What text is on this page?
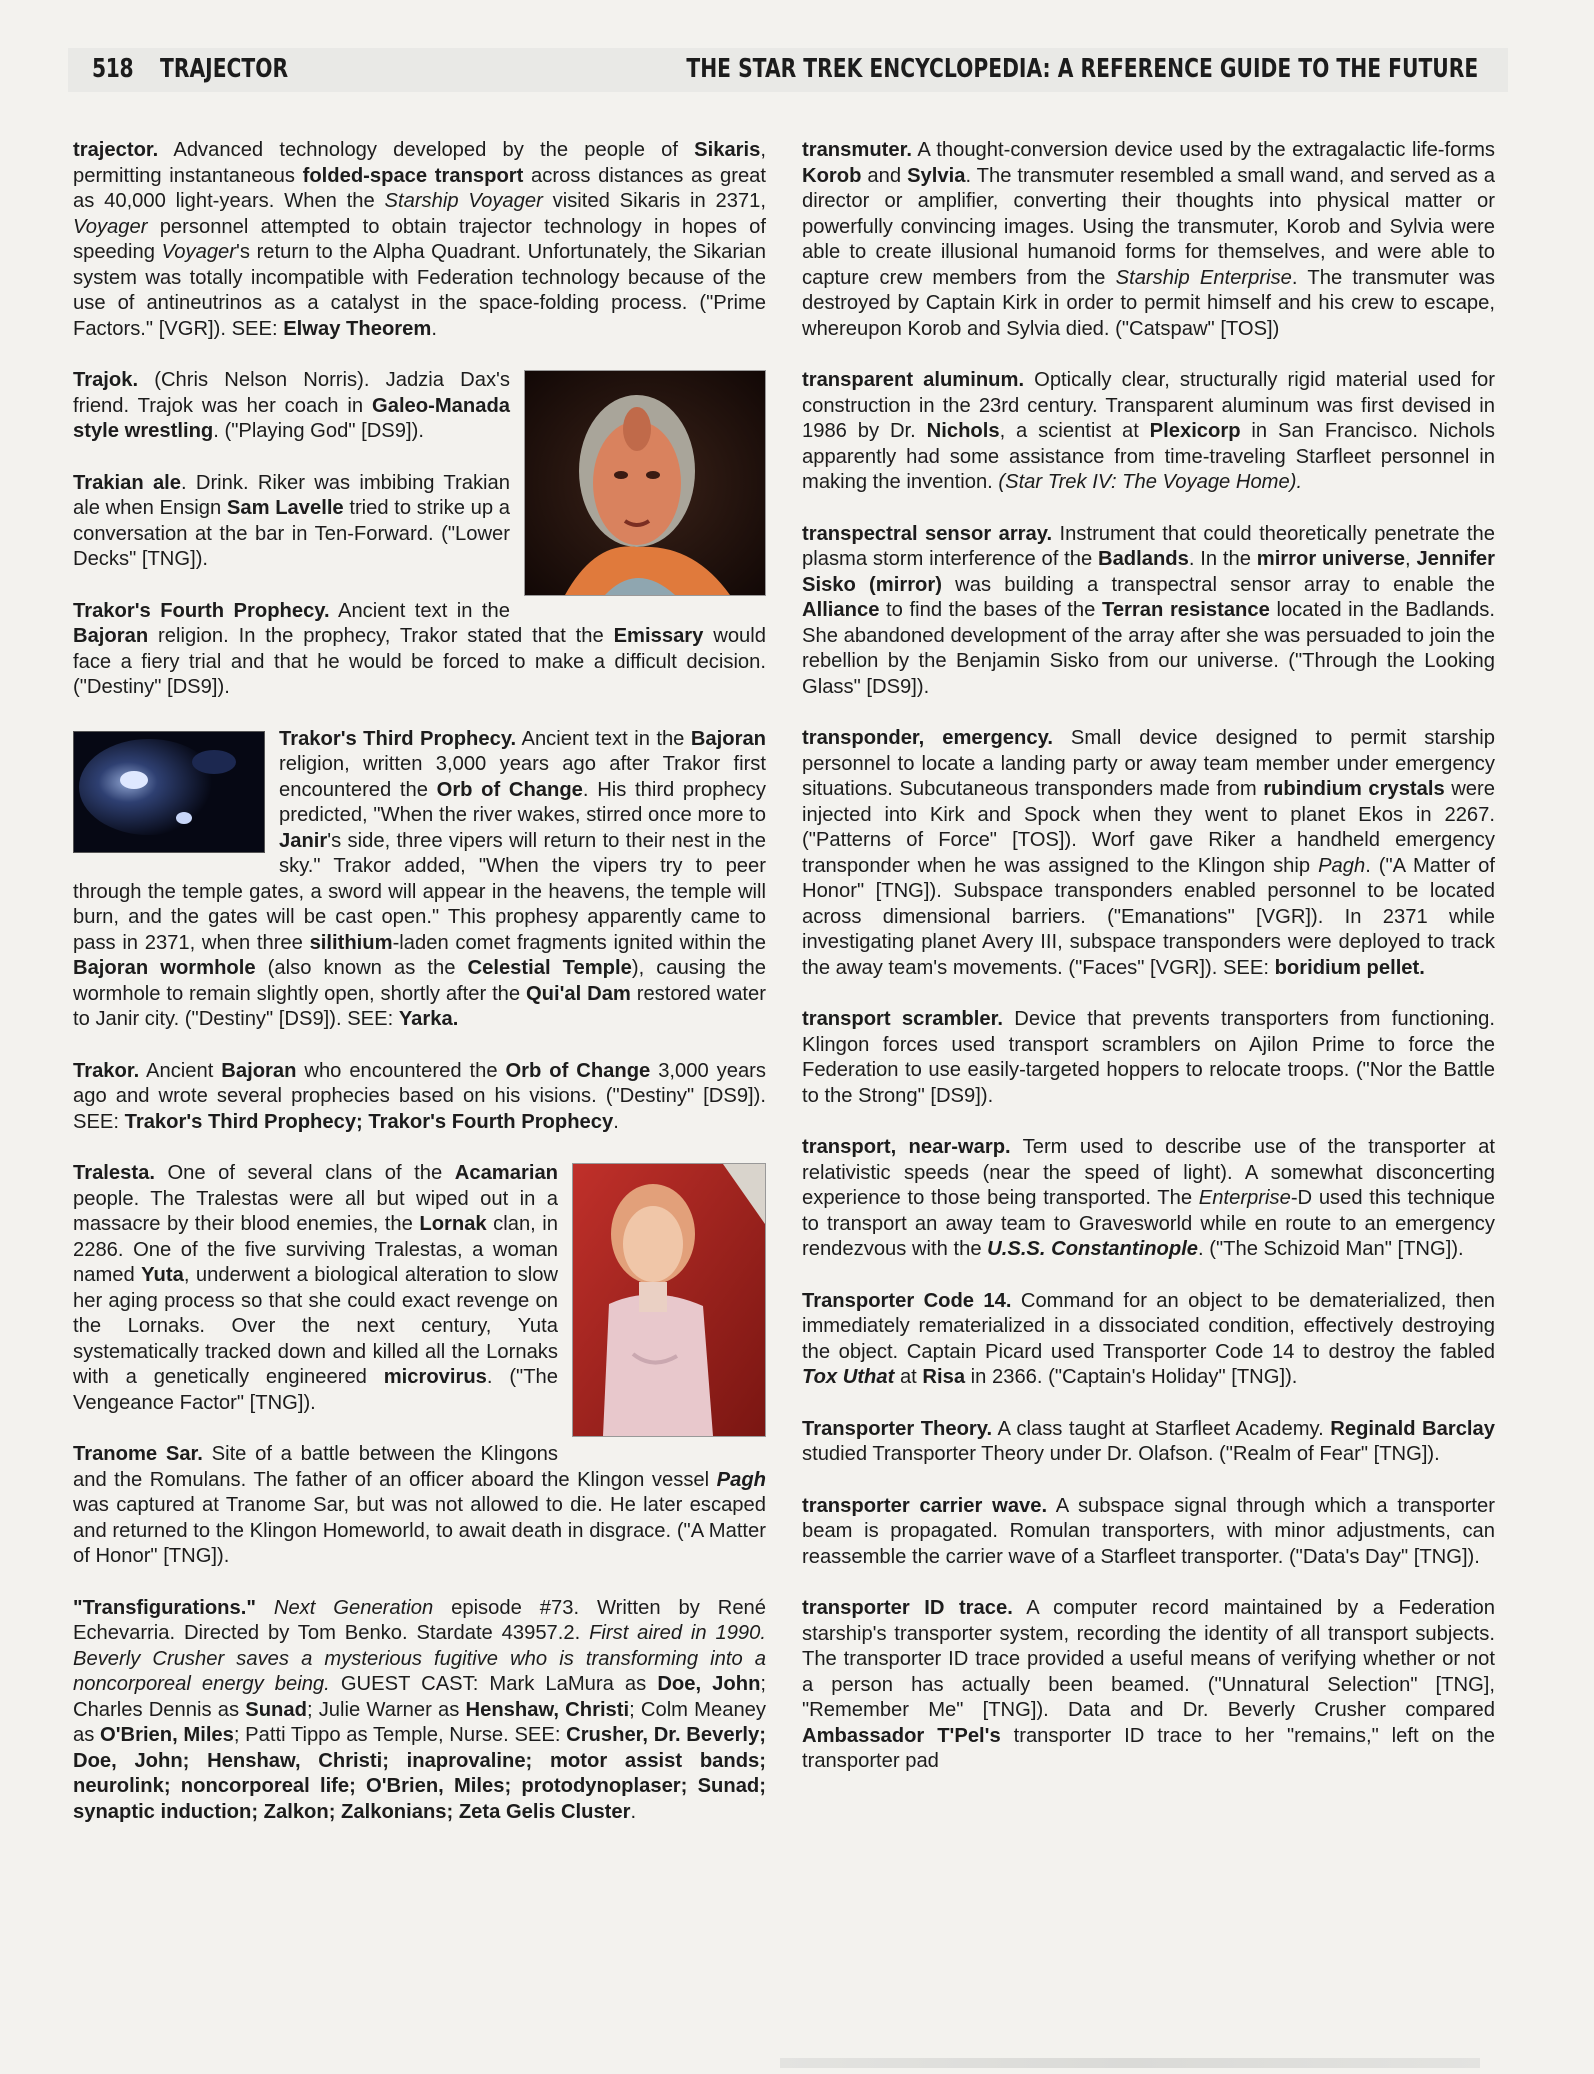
518 TRAJECTOR	THE STAR TREK ENCYCLOPEDIA: A REFERENCE GUIDE TO THE FUTURE

trajector. Advanced technology developed by the people of Sikaris, permitting instantaneous folded-space transport across distances as great as 40,000 light-years. When the Starship Voyager visited Sikaris in 2371, Voyager personnel attempted to obtain trajector technology in hopes of speeding Voyager's return to the Alpha Quadrant. Unfortunately, the Sikarian system was totally incompatible with Federation technology because of the use of antineutrinos as a catalyst in the space-folding process. ("Prime Factors." [VGR]). SEE: Elway Theorem.

Trajok. (Chris Nelson Norris). Jadzia Dax's friend. Trajok was her coach in Galeo-Manada style wrestling. ("Playing God" [DS9]).

Trakian ale. Drink. Riker was imbibing Trakian ale when Ensign Sam Lavelle tried to strike up a conversation at the bar in Ten-Forward. ("Lower Decks" [TNG]).

Trakor's Fourth Prophecy. Ancient text in the Bajoran religion. In the prophecy, Trakor stated that the Emissary would face a fiery trial and that he would be forced to make a difficult decision. ("Destiny" [DS9]).

Trakor's Third Prophecy. Ancient text in the Bajoran religion, written 3,000 years ago after Trakor first encountered the Orb of Change. His third prophecy predicted, "When the river wakes, stirred once more to Janir's side, three vipers will return to their nest in the sky." Trakor added, "When the vipers try to peer through the temple gates, a sword will appear in the heavens, the temple will burn, and the gates will be cast open." This prophesy apparently came to pass in 2371, when three silithium-laden comet fragments ignited within the Bajoran wormhole (also known as the Celestial Temple), causing the wormhole to remain slightly open, shortly after the Qui'al Dam restored water to Janir city. ("Destiny" [DS9]). SEE: Yarka.

Trakor. Ancient Bajoran who encountered the Orb of Change 3,000 years ago and wrote several prophecies based on his visions. ("Destiny" [DS9]). SEE: Trakor's Third Prophecy; Trakor's Fourth Prophecy.

Tralesta. One of several clans of the Acamarian people. The Tralestas were all but wiped out in a massacre by their blood enemies, the Lornak clan, in 2286. One of the five surviving Tralestas, a woman named Yuta, underwent a biological alteration to slow her aging process so that she could exact revenge on the Lornaks. Over the next century, Yuta systematically tracked down and killed all the Lornaks with a genetically engineered microvirus. ("The Vengeance Factor" [TNG]).

Tranome Sar. Site of a battle between the Klingons and the Romulans. The father of an officer aboard the Klingon vessel Pagh was captured at Tranome Sar, but was not allowed to die. He later escaped and returned to the Klingon Homeworld, to await death in disgrace. ("A Matter of Honor" [TNG]).

"Transfigurations." Next Generation episode #73. Written by René Echevarria. Directed by Tom Benko. Stardate 43957.2. First aired in 1990. Beverly Crusher saves a mysterious fugitive who is transforming into a noncorporeal energy being. GUEST CAST: Mark LaMura as Doe, John; Charles Dennis as Sunad; Julie Warner as Henshaw, Christi; Colm Meaney as O'Brien, Miles; Patti Tippo as Temple, Nurse. SEE: Crusher, Dr. Beverly; Doe, John; Henshaw, Christi; inaprovaline; motor assist bands; neurolink; noncorporeal life; O'Brien, Miles; protodynoplaser; Sunad; synaptic induction; Zalkon; Zalkonians; Zeta Gelis Cluster.

transmuter. A thought-conversion device used by the extragalactic life-forms Korob and Sylvia. The transmuter resembled a small wand, and served as a director or amplifier, converting their thoughts into physical matter or powerfully convincing images. Using the transmuter, Korob and Sylvia were able to create illusional humanoid forms for themselves, and were able to capture crew members from the Starship Enterprise. The transmuter was destroyed by Captain Kirk in order to permit himself and his crew to escape, whereupon Korob and Sylvia died. ("Catspaw" [TOS])

transparent aluminum. Optically clear, structurally rigid material used for construction in the 23rd century. Transparent aluminum was first devised in 1986 by Dr. Nichols, a scientist at Plexicorp in San Francisco. Nichols apparently had some assistance from time-traveling Starfleet personnel in making the invention. (Star Trek IV: The Voyage Home).

transpectral sensor array. Instrument that could theoretically penetrate the plasma storm interference of the Badlands. In the mirror universe, Jennifer Sisko (mirror) was building a transpectral sensor array to enable the Alliance to find the bases of the Terran resistance located in the Badlands. She abandoned development of the array after she was persuaded to join the rebellion by the Benjamin Sisko from our universe. ("Through the Looking Glass" [DS9]).

transponder, emergency. Small device designed to permit starship personnel to locate a landing party or away team member under emergency situations. Subcutaneous transponders made from rubindium crystals were injected into Kirk and Spock when they went to planet Ekos in 2267. ("Patterns of Force" [TOS]). Worf gave Riker a handheld emergency transponder when he was assigned to the Klingon ship Pagh. ("A Matter of Honor" [TNG]). Subspace transponders enabled personnel to be located across dimensional barriers. ("Emanations" [VGR]). In 2371 while investigating planet Avery III, subspace transponders were deployed to track the away team's movements. ("Faces" [VGR]). SEE: boridium pellet.

transport scrambler. Device that prevents transporters from functioning. Klingon forces used transport scramblers on Ajilon Prime to force the Federation to use easily-targeted hoppers to relocate troops. ("Nor the Battle to the Strong" [DS9]).

transport, near-warp. Term used to describe use of the transporter at relativistic speeds (near the speed of light). A somewhat disconcerting experience to those being transported. The Enterprise-D used this technique to transport an away team to Gravesworld while en route to an emergency rendezvous with the U.S.S. Constantinople. ("The Schizoid Man" [TNG]).

Transporter Code 14. Command for an object to be dematerialized, then immediately rematerialized in a dissociated condition, effectively destroying the object. Captain Picard used Transporter Code 14 to destroy the fabled Tox Uthat at Risa in 2366. ("Captain's Holiday" [TNG]).

Transporter Theory. A class taught at Starfleet Academy. Reginald Barclay studied Transporter Theory under Dr. Olafson. ("Realm of Fear" [TNG]).

transporter carrier wave. A subspace signal through which a transporter beam is propagated. Romulan transporters, with minor adjustments, can reassemble the carrier wave of a Starfleet transporter. ("Data's Day" [TNG]).

transporter ID trace. A computer record maintained by a Federation starship's transporter system, recording the identity of all transport subjects. The transporter ID trace provided a useful means of verifying whether or not a person has actually been beamed. ("Unnatural Selection" [TNG], "Remember Me" [TNG]). Data and Dr. Beverly Crusher compared Ambassador T'Pel's transporter ID trace to her "remains," left on the transporter pad
